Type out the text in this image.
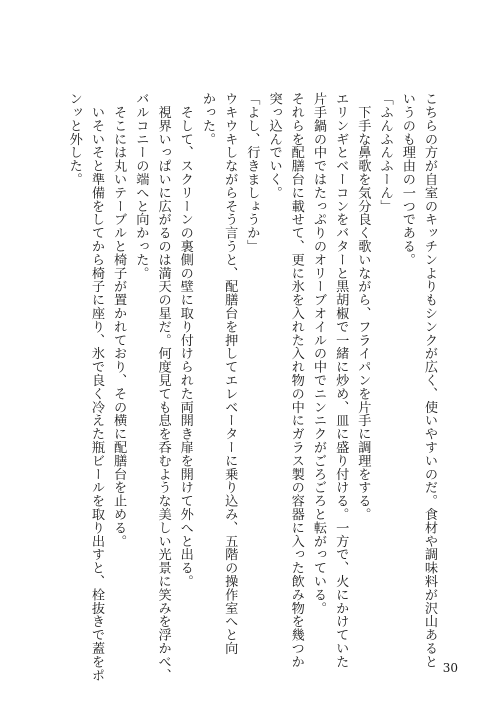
こちらの方が自室のキッチンよりもシンクが広く、使いやすいのだ。食材や調味料が沢山あると
いうのも理由の一つである。
「ふんふんふーん」
　下手な鼻歌を気分良く歌いながら、フライパンを片手に調理をする。
エリンギとベーコンをバターと黒胡椒で一緒に炒め、皿に盛り付ける。一方で、火にかけていた
片手鍋の中ではたっぷりのオリーブオイルの中でニンニクがごろごろと転がっている。
それらを配膳台に載せて、更に氷を入れた入れ物の中にガラス製の容器に入った飲み物を幾つか
突っ込んでいく。
「よし、行きましょうか」
ウキウキしながらそう言うと、配膳台を押してエレベーターに乗り込み、五階の操作室へと向
かった。
　そして、スクリーンの裏側の壁に取り付けられた両開き扉を開けて外へと出る。
　視界いっぱいに広がるのは満天の星だ。何度見ても息を呑むような美しい光景に笑みを浮かべ、
バルコニーの端へと向かった。
　そこには丸いテーブルと椅子が置かれており、その横に配膳台を止める。
　いそいそと準備をしてから椅子に座り、氷で良く冷えた瓶ビールを取り出すと、栓抜きで蓋をポ
ンッと外した。
30
